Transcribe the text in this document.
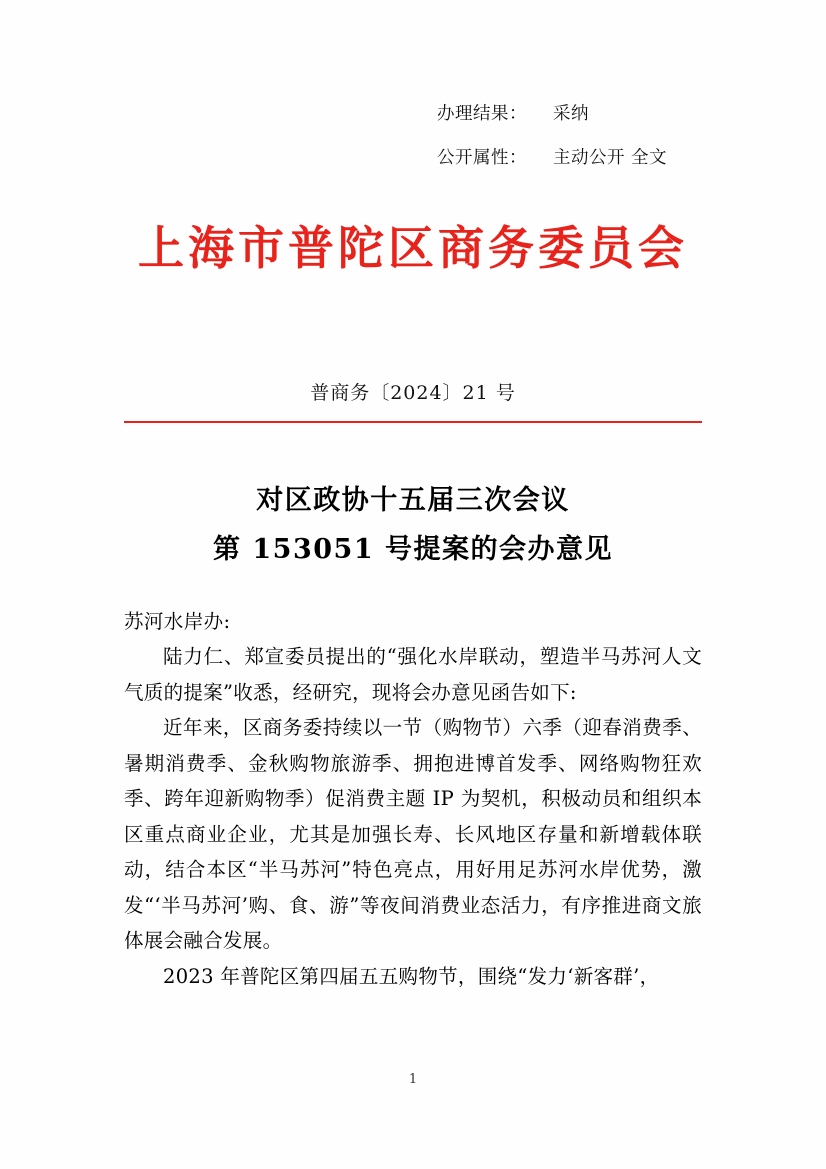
办理结果： 采纳
公开属性： 主动公开 全文
上海市普陀区商务委员会
普商务〔2024〕21 号
对区政协十五届三次会议
第 153051 号提案的会办意见
苏河水岸办:

陆力仁、郑宣委员提出的“强化水岸联动，塑造半马苏河人文气质的提案”收悉，经研究，现将会办意见函告如下:

近年来，区商务委持续以一节（购物节）六季（迎春消费季、暑期消费季、金秋购物旅游季、拥抱进博首发季、网络购物狂欢季、跨年迎新购物季）促消费主题 IP 为契机，积极动员和组织本区重点商业企业，尤其是加强长寿、长风地区存量和新增载体联动，结合本区“半马苏河”特色亮点，用好用足苏河水岸优势，激发“‘半马苏河’购、食、游”等夜间消费业态活力，有序推进商文旅体展会融合发展。

2023 年普陀区第四届五五购物节，围绕“发力‘新客群’，

1
